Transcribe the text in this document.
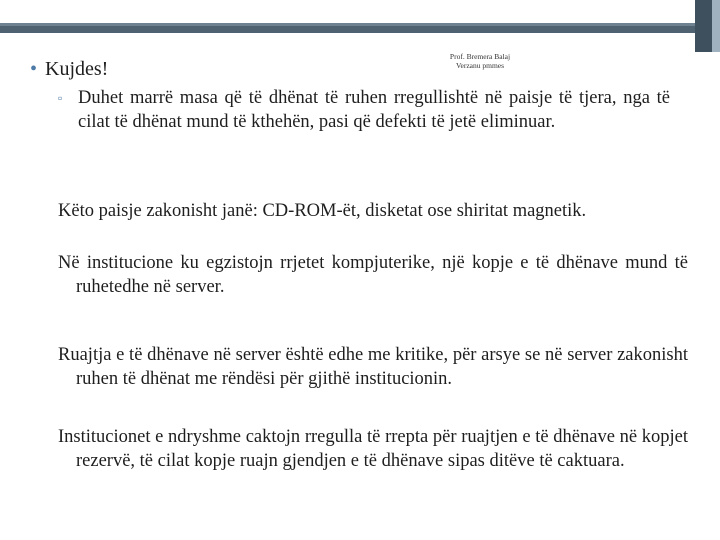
Prof. Bremera Balaj
Verzanu pmmes
• Kujdes!
▫ Duhet marrë masa që të dhënat të ruhen rregullishtë në paisje të tjera, nga të cilat të dhënat mund të kthehën, pasi që defekti të jetë eliminuar.
Këto paisje zakonisht janë: CD-ROM-ët, disketat ose shiritat magnetik.
Në institucione ku egzistojn rrjetet kompjuterike, një kopje e të dhënave mund të ruhetedhe në server.
Ruajtja e të dhënave në server është edhe me kritike, për arsye se në server zakonisht ruhen të dhënat me rëndësi për gjithë institucionin.
Institucionet e ndryshme caktojn rregulla të rrepta për ruajtjen e të dhënave në kopjet rezervë, të cilat kopje ruajn gjendjen e të dhënave sipas ditëve të caktuara.
